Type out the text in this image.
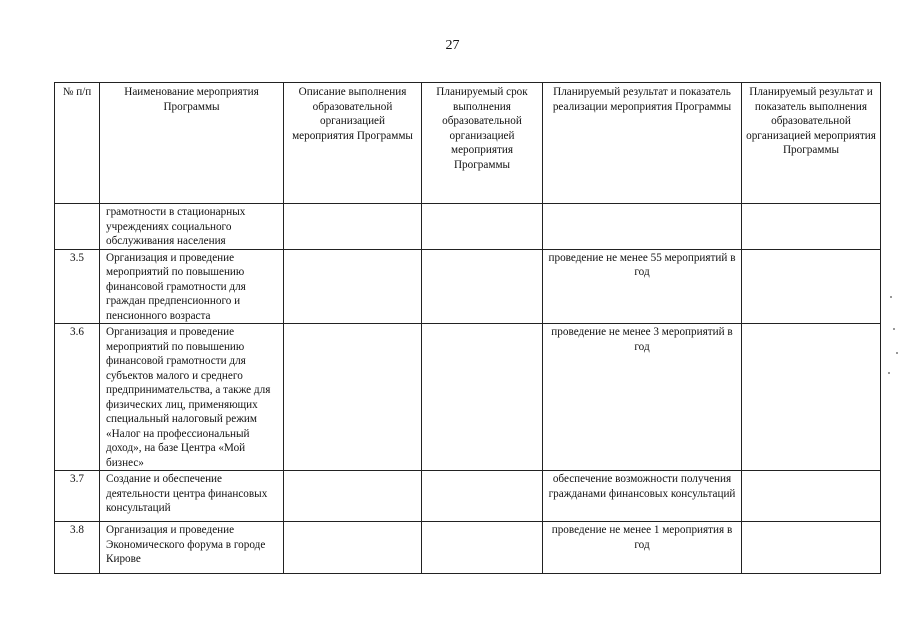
27
№ п/п	Наименование мероприятия Программы	Описание выполнения образовательной организацией мероприятия Программы	Планируемый срок выполнения образовательной организацией мероприятия Программы	Планируемый результат и показатель реализации мероприятия Программы	Планируемый результат и показатель выполнения образовательной организацией мероприятия Программы
	грамотности в стационарных учреждениях социального обслуживания населения				
3.5	Организация и проведение мероприятий по повышению финансовой грамотности для граждан предпенсионного и пенсионного возраста			проведение не менее 55 мероприятий в год	
3.6	Организация и проведение мероприятий по повышению финансовой грамотности для субъектов малого и среднего предпринимательства, а также для физических лиц, применяющих специальный налоговый режим «Налог на профессиональный доход», на базе Центра «Мой бизнес»			проведение не менее 3 мероприятий в год	
3.7	Создание и обеспечение деятельности центра финансовых консультаций			обеспечение возможности получения гражданами финансовых консультаций	
3.8	Организация и проведение Экономического форума в городе Кирове			проведение не менее 1 мероприятия в год	
